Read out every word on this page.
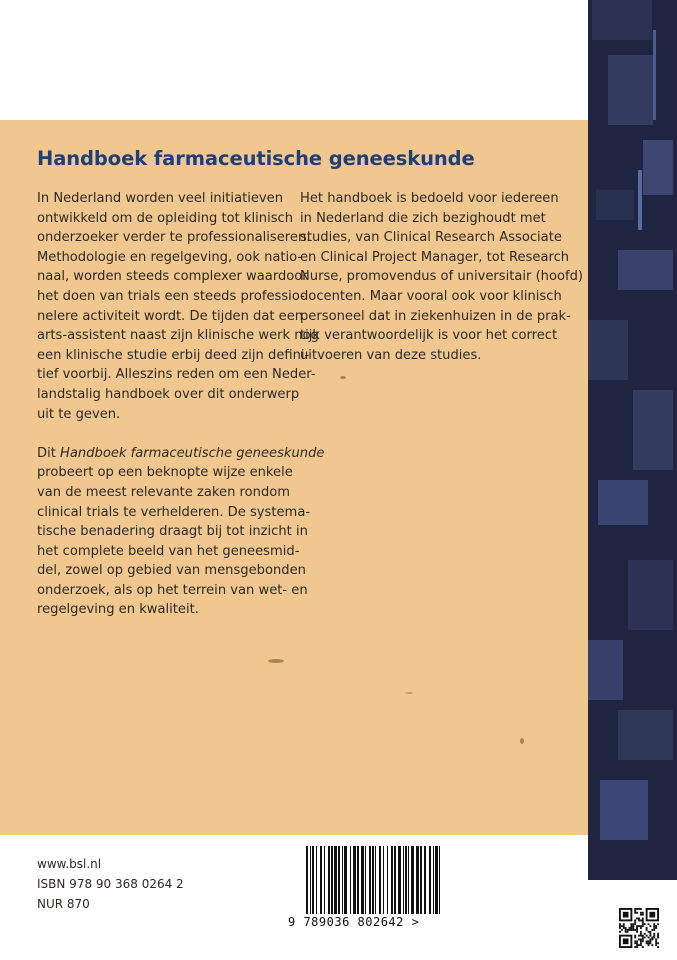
Handboek farmaceutische geneeskunde

In Nederland worden veel initiatieven
ontwikkeld om de opleiding tot klinisch
onderzoeker verder te professionaliseren.
Methodologie en regelgeving, ook natio-
naal, worden steeds complexer waardoor
het doen van trials een steeds professio-
nelere activiteit wordt. De tijden dat een
arts-assistent naast zijn klinische werk nog
een klinische studie erbij deed zijn defini-
tief voorbij. Alleszins reden om een Neder-
landstalig handboek over dit onderwerp
uit te geven.

Dit Handboek farmaceutische geneeskunde
probeert op een beknopte wijze enkele
van de meest relevante zaken rondom
clinical trials te verhelderen. De systema-
tische benadering draagt bij tot inzicht in
het complete beeld van het geneesmid-
del, zowel op gebied van mensgebonden
onderzoek, als op het terrein van wet- en
regelgeving en kwaliteit.

Het handboek is bedoeld voor iedereen
in Nederland die zich bezighoudt met
studies, van Clinical Research Associate
en Clinical Project Manager, tot Research
Nurse, promovendus of universitair (hoofd)
docenten. Maar vooral ook voor klinisch
personeel dat in ziekenhuizen in de prak-
tijk verantwoordelijk is voor het correct
uitvoeren van deze studies.

www.bsl.nl
ISBN 978 90 368 0264 2
NUR 870
9 789036 802642 >
